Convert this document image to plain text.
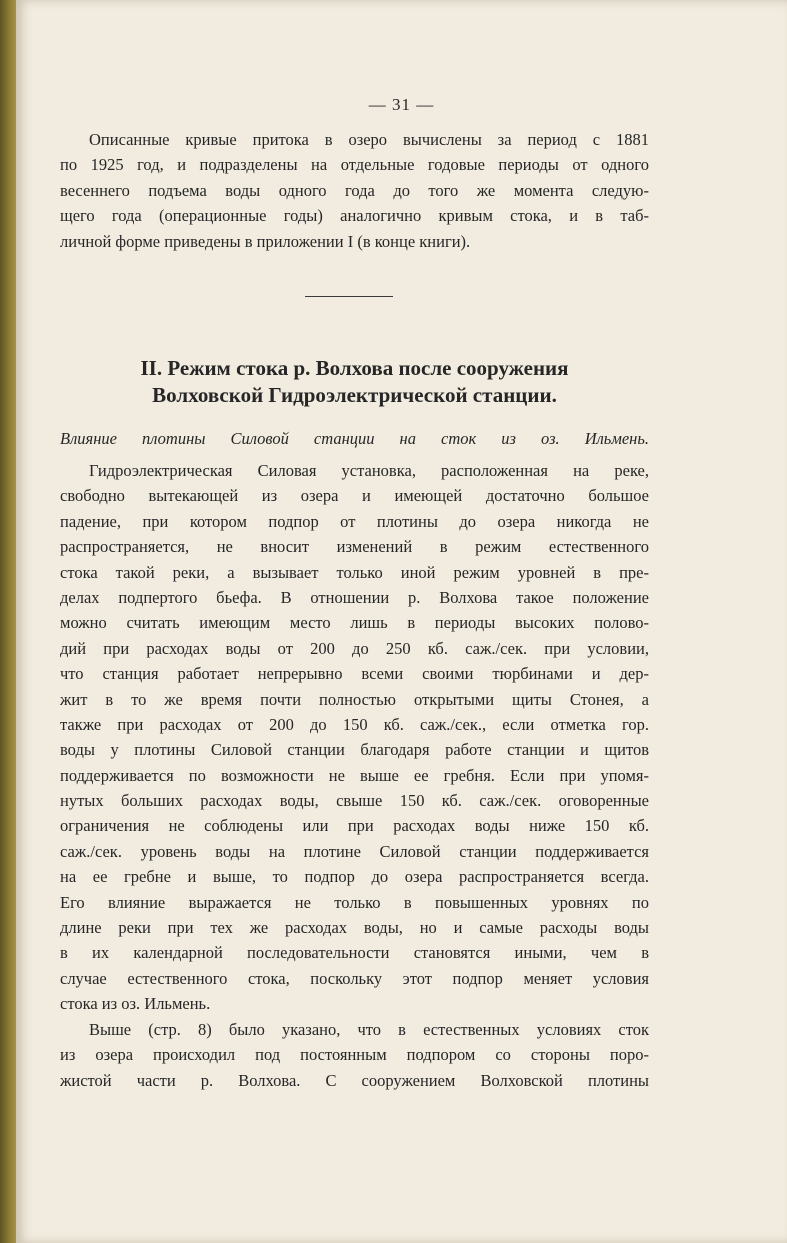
— 31 —
Описанные кривые притока в озеро вычислены за период с 1881
по 1925 год, и подразделены на отдельные годовые периоды от одного
весеннего подъема воды одного года до того же момента следую-
щего года (операционные годы) аналогично кривым стока, и в таб-
личной форме приведены в приложении I (в конце книги).
II. Режим стока р. Волхова после сооружения
Волховской Гидроэлектрической станции.
Влияние плотины Силовой станции на сток из оз. Ильмень.
Гидроэлектрическая Силовая установка, расположенная на реке,
свободно вытекающей из озера и имеющей достаточно большое
падение, при котором подпор от плотины до озера никогда не
распространяется, не вносит изменений в режим естественного
стока такой реки, а вызывает только иной режим уровней в пре-
делах подпертого бьефа. В отношении р. Волхова такое положение
можно считать имеющим место лишь в периоды высоких полово-
дий при расходах воды от 200 до 250 кб. саж./сек. при условии,
что станция работает непрерывно всеми своими тюрбинами и дер-
жит в то же время почти полностью открытыми щиты Стонея, а
также при расходах от 200 до 150 кб. саж./сек., если отметка гор.
воды у плотины Силовой станции благодаря работе станции и щитов
поддерживается по возможности не выше ее гребня. Если при упомя-
нутых больших расходах воды, свыше 150 кб. саж./сек. оговоренные
ограничения не соблюдены или при расходах воды ниже 150 кб.
саж./сек. уровень воды на плотине Силовой станции поддерживается
на ее гребне и выше, то подпор до озера распространяется всегда.
Его влияние выражается не только в повышенных уровнях по
длине реки при тех же расходах воды, но и самые расходы воды
в их календарной последовательности становятся иными, чем в
случае естественного стока, поскольку этот подпор меняет условия
стока из оз. Ильмень.
Выше (стр. 8) было указано, что в естественных условиях сток
из озера происходил под постоянным подпором со стороны поро-
жистой части р. Волхова. С сооружением Волховской плотины
